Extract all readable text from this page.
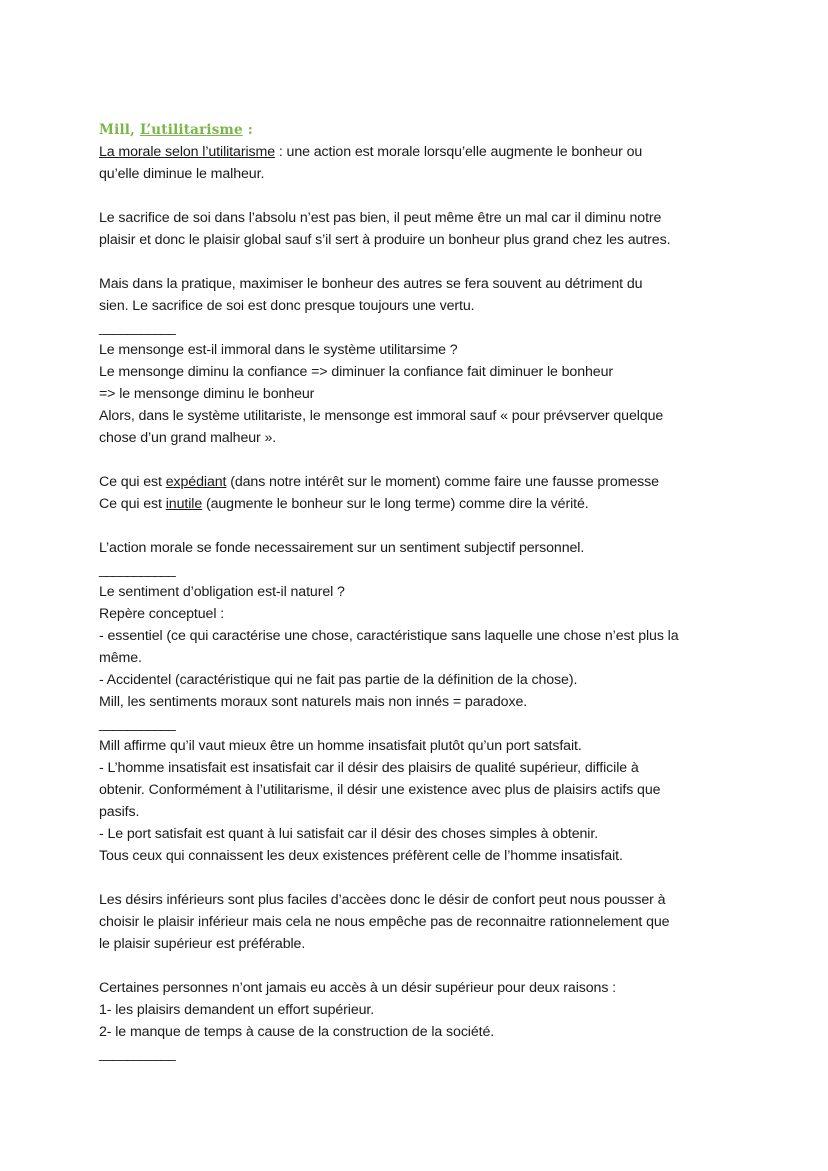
Mill, L’utilitarisme :
La morale selon l’utilitarisme : une action est morale lorsqu’elle augmente le bonheur ou
qu’elle diminue le malheur.
Le sacrifice de soi dans l’absolu n’est pas bien, il peut même être un mal car il diminu notre
plaisir et donc le plaisir global sauf s’il sert à produire un bonheur plus grand chez les autres.
Mais dans la pratique, maximiser le bonheur des autres se fera souvent au détriment du
sien. Le sacrifice de soi est donc presque toujours une vertu.
___________
Le mensonge est-il immoral dans le système utilitarsime ?
Le mensonge diminu la confiance => diminuer la confiance fait diminuer le bonheur
=> le mensonge diminu le bonheur
Alors, dans le système utilitariste, le mensonge est immoral sauf « pour prévserver quelque
chose d’un grand malheur ».
Ce qui est expédiant (dans notre intérêt sur le moment) comme faire une fausse promesse
Ce qui est inutile (augmente le bonheur sur le long terme) comme dire la vérité.
L’action morale se fonde necessairement sur un sentiment subjectif personnel.
___________
Le sentiment d’obligation est-il naturel ?
Repère conceptuel :
- essentiel (ce qui caractérise une chose, caractéristique sans laquelle une chose n’est plus la
même.
- Accidentel (caractéristique qui ne fait pas partie de la définition de la chose).
Mill, les sentiments moraux sont naturels mais non innés = paradoxe.
___________
Mill affirme qu’il vaut mieux être un homme insatisfait plutôt qu’un port satsfait.
- L’homme insatisfait est insatisfait car il désir des plaisirs de qualité supérieur, difficile à
obtenir. Conformément à l’utilitarisme, il désir une existence avec plus de plaisirs actifs que
pasifs.
- Le port satisfait est quant à lui satisfait car il désir des choses simples à obtenir.
Tous ceux qui connaissent les deux existences préfèrent celle de l’homme insatisfait.
Les désirs inférieurs sont plus faciles d’accèes donc le désir de confort peut nous pousser à
choisir le plaisir inférieur mais cela ne nous empêche pas de reconnaitre rationnelement que
le plaisir supérieur est préférable.
Certaines personnes n’ont jamais eu accès à un désir supérieur pour deux raisons :
1- les plaisirs demandent un effort supérieur.
2- le manque de temps à cause de la construction de la société.
___________
